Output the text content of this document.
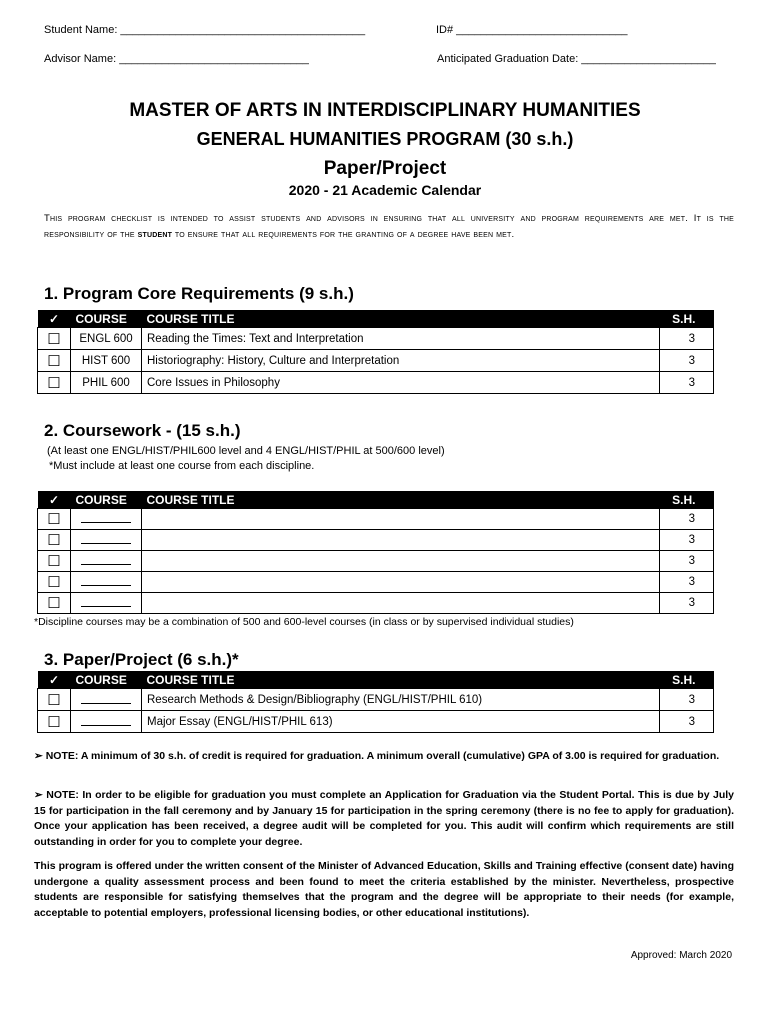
Student Name: ________________________________________	ID# ____________________________
Advisor Name: _______________________________	Anticipated Graduation Date: ______________________
MASTER OF ARTS IN INTERDISCIPLINARY HUMANITIES
GENERAL HUMANITIES PROGRAM (30 s.h.)
Paper/Project
2020 - 21 Academic Calendar
This program checklist is intended to assist students and advisors in ensuring that all university and program requirements are met. It is the responsibility of the student to ensure that all requirements for the granting of a degree have been met.
1. Program Core Requirements (9 s.h.)
✓	COURSE	COURSE TITLE	S.H.
☐	ENGL 600	Reading the Times: Text and Interpretation	3
☐	HIST 600	Historiography: History, Culture and Interpretation	3
☐	PHIL 600	Core Issues in Philosophy	3
2. Coursework - (15 s.h.)
(At least one ENGL/HIST/PHIL600 level and 4 ENGL/HIST/PHIL at 500/600 level)
*Must include at least one course from each discipline.
✓	COURSE	COURSE TITLE	S.H.
☐			3
☐			3
☐			3
☐			3
☐			3
*Discipline courses may be a combination of 500 and 600-level courses (in class or by supervised individual studies)
3. Paper/Project (6 s.h.)*
✓	COURSE	COURSE TITLE	S.H.
☐		Research Methods & Design/Bibliography (ENGL/HIST/PHIL 610)	3
☐		Major Essay (ENGL/HIST/PHIL 613)	3
➢ NOTE: A minimum of 30 s.h. of credit is required for graduation. A minimum overall (cumulative) GPA of 3.00 is required for graduation.
➢ NOTE: In order to be eligible for graduation you must complete an Application for Graduation via the Student Portal. This is due by July 15 for participation in the fall ceremony and by January 15 for participation in the spring ceremony (there is no fee to apply for graduation). Once your application has been received, a degree audit will be completed for you. This audit will confirm which requirements are still outstanding in order for you to complete your degree.
This program is offered under the written consent of the Minister of Advanced Education, Skills and Training effective (consent date) having undergone a quality assessment process and been found to meet the criteria established by the minister. Nevertheless, prospective students are responsible for satisfying themselves that the program and the degree will be appropriate to their needs (for example, acceptable to potential employers, professional licensing bodies, or other educational institutions).
Approved: March 2020
